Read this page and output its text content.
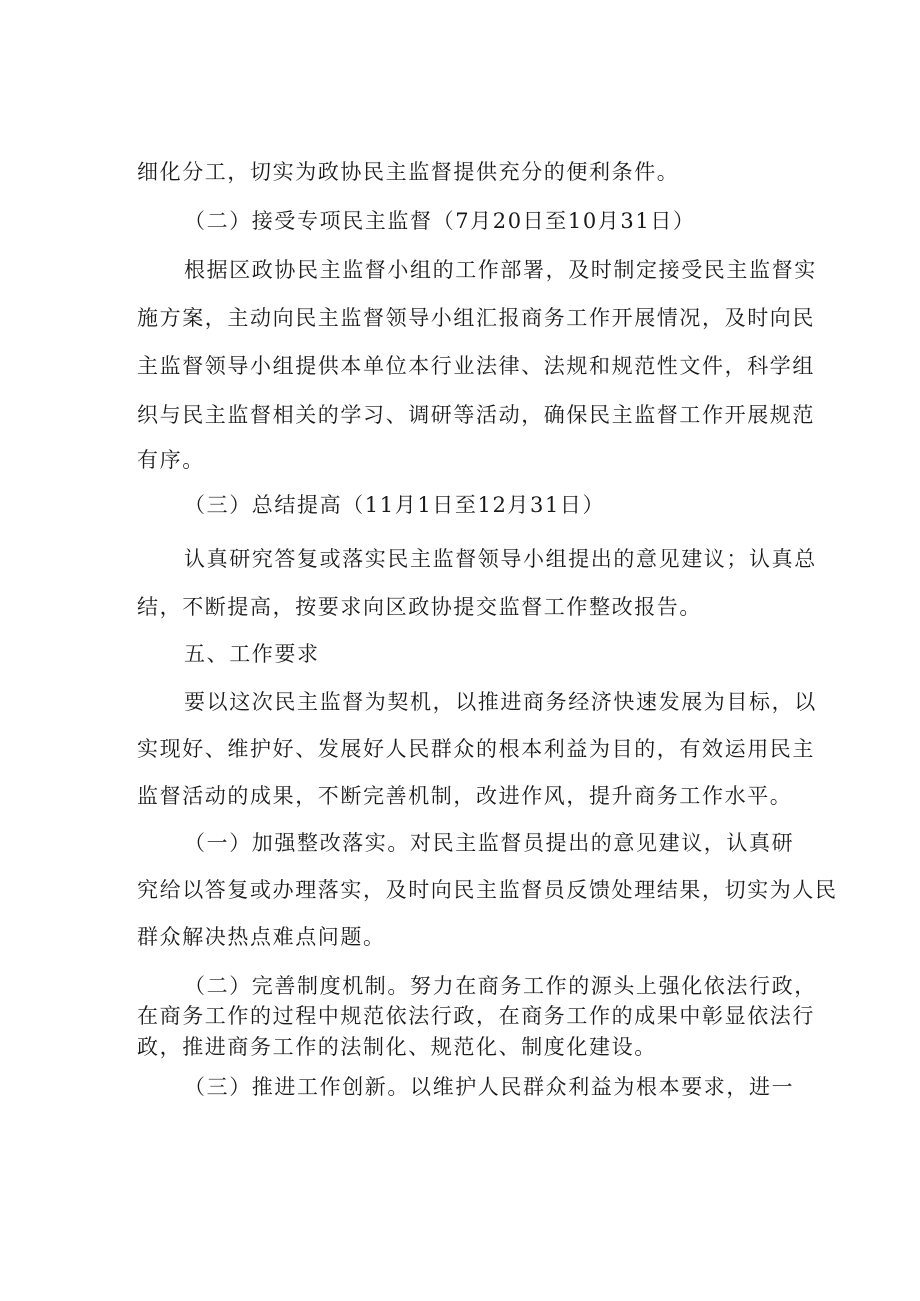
细化分工，切实为政协民主监督提供充分的便利条件。
（二）接受专项民主监督（7月20日至10月31日）
根据区政协民主监督小组的工作部署，及时制定接受民主监督实
施方案，主动向民主监督领导小组汇报商务工作开展情况，及时向民
主监督领导小组提供本单位本行业法律、法规和规范性文件，科学组
织与民主监督相关的学习、调研等活动，确保民主监督工作开展规范
有序。
（三）总结提高（11月1日至12月31日）
认真研究答复或落实民主监督领导小组提出的意见建议；认真总
结，不断提高，按要求向区政协提交监督工作整改报告。
五、工作要求
要以这次民主监督为契机，以推进商务经济快速发展为目标，以
实现好、维护好、发展好人民群众的根本利益为目的，有效运用民主
监督活动的成果，不断完善机制，改进作风，提升商务工作水平。
（一）加强整改落实。对民主监督员提出的意见建议，认真研
究给以答复或办理落实，及时向民主监督员反馈处理结果，切实为人民
群众解决热点难点问题。
（二）完善制度机制。努力在商务工作的源头上强化依法行政，
在商务工作的过程中规范依法行政，在商务工作的成果中彰显依法行
政，推进商务工作的法制化、规范化、制度化建设。
（三）推进工作创新。以维护人民群众利益为根本要求，进一
